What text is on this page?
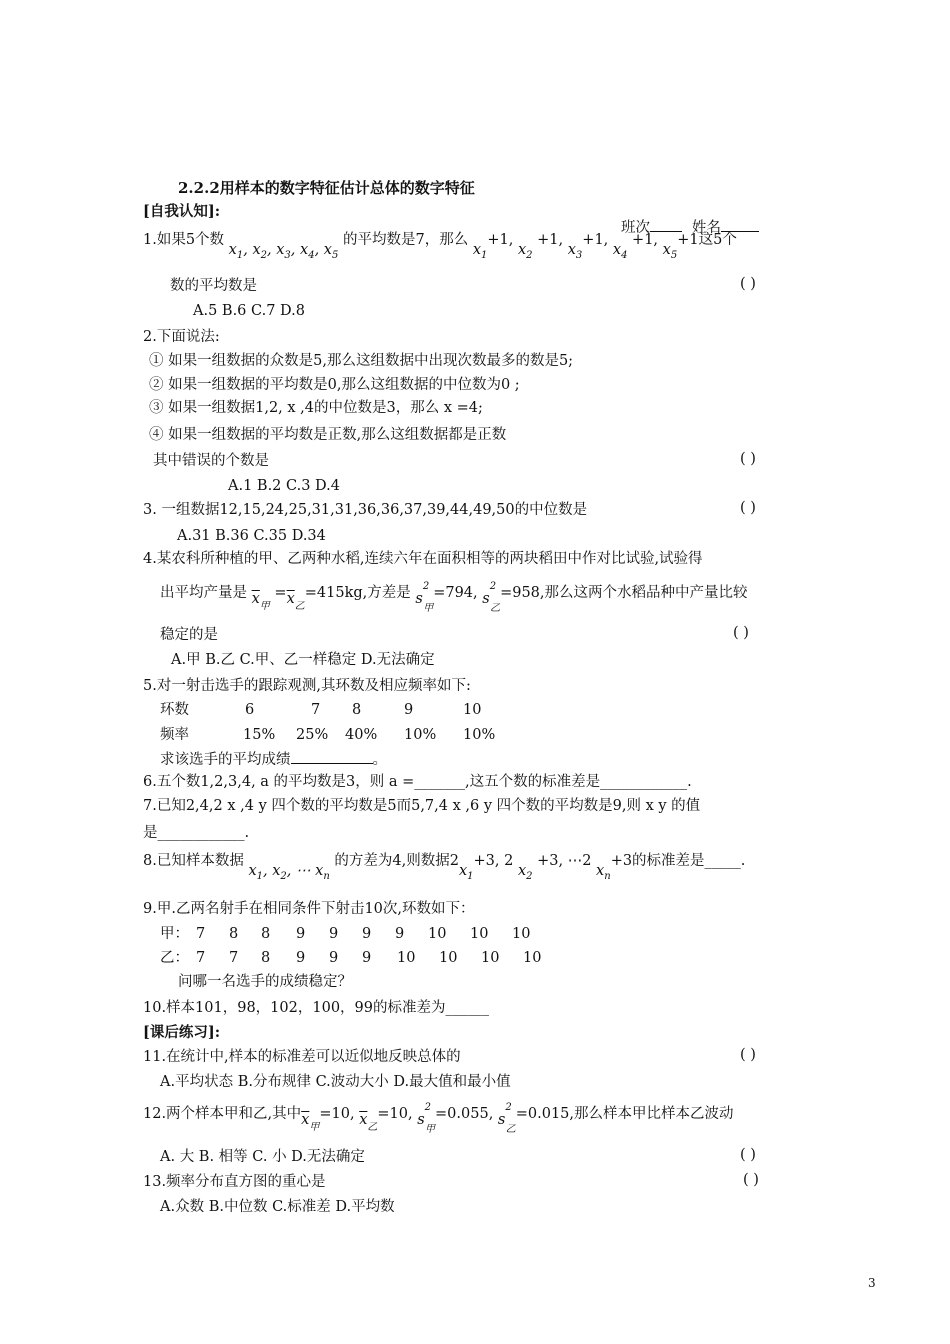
2.2.2用样本的数字特征估计总体的数字特征
[自我认知]:
班次	姓名
1.如果5个数 $x_1$, $x_2$, $x_3$, $x_4$, $x_5$ 的平均数是7，那么 $x_1+1$, $x_2 +1$, $x_3+1$, $x_4 +1$, $x_5+1$这5个
数的平均数是	( )
A.5 B.6 C.7 D.8
2.下面说法:
① 如果一组数据的众数是5,那么这组数据中出现次数最多的数是5;
② 如果一组数据的平均数是0,那么这组数据的中位数为0 ;
③ 如果一组数据1,2, x ,4的中位数是3，那么 x =4;
④ 如果一组数据的平均数是正数,那么这组数据都是正数
其中错误的个数是	( )
A.1 B.2 C.3 D.4
3. 一组数据12,15,24,25,31,31,36,36,37,39,44,49,50的中位数是	( )
A.31 B.36 C.35 D.34
4.某农科所种植的甲、乙两种水稻,连续六年在面积相等的两块稻田中作对比试验,试验得
出平均产量是 $\overline{x}_甲 =\overline{x}_乙=415kg$,方差是 $s^2_甲=794$, $s^2_乙=958$,那么这两个水稻品种中产量比较
稳定的是	( )
A.甲 B.乙 C.甲、乙一样稳定 D.无法确定
5.对一射击选手的跟踪观测,其环数及相应频率如下:
环数	6	7 8	9	10
频率	15% 25% 40% 10% 10%
求该选手的平均成绩	。
6.五个数1,2,3,4, a 的平均数是3，则 a =_______,这五个数的标准差是____________.
7.已知2,4,2 x ,4 y 四个数的平均数是5而5,7,4 x ,6 y 四个数的平均数是9,则 x y 的值
是____________.
8.已知样本数据 $x_1$, $x_2$, ⋯ $x_n$ 的方差为4,则数据$2x_1+3$, 2 $x_2 +3$, ⋯2 $x_n+3$的标准差是_____.
9.甲.乙两名射手在相同条件下射击10次,环数如下：
甲： 7 8 8 9 9 9 9 10 10 10
乙： 7 7 8 9 9 9 10 10 10 10
问哪一名选手的成绩稳定？
10.样本101，98，102，100，99的标准差为______
[课后练习]:
11.在统计中,样本的标准差可以近似地反映总体的	( )
A.平均状态 B.分布规律 C.波动大小 D.最大值和最小值
12.两个样本甲和乙,其中$\overline{x}_甲=10$, $\overline{x}_乙=10$, $s^2_甲=0.055$, $s^2_乙=0.015$,那么样本甲比样本乙波动
A. 大 B. 相等 C. 小 D.无法确定	( )
13.频率分布直方图的重心是	( )
A.众数 B.中位数 C.标准差 D.平均数
3
